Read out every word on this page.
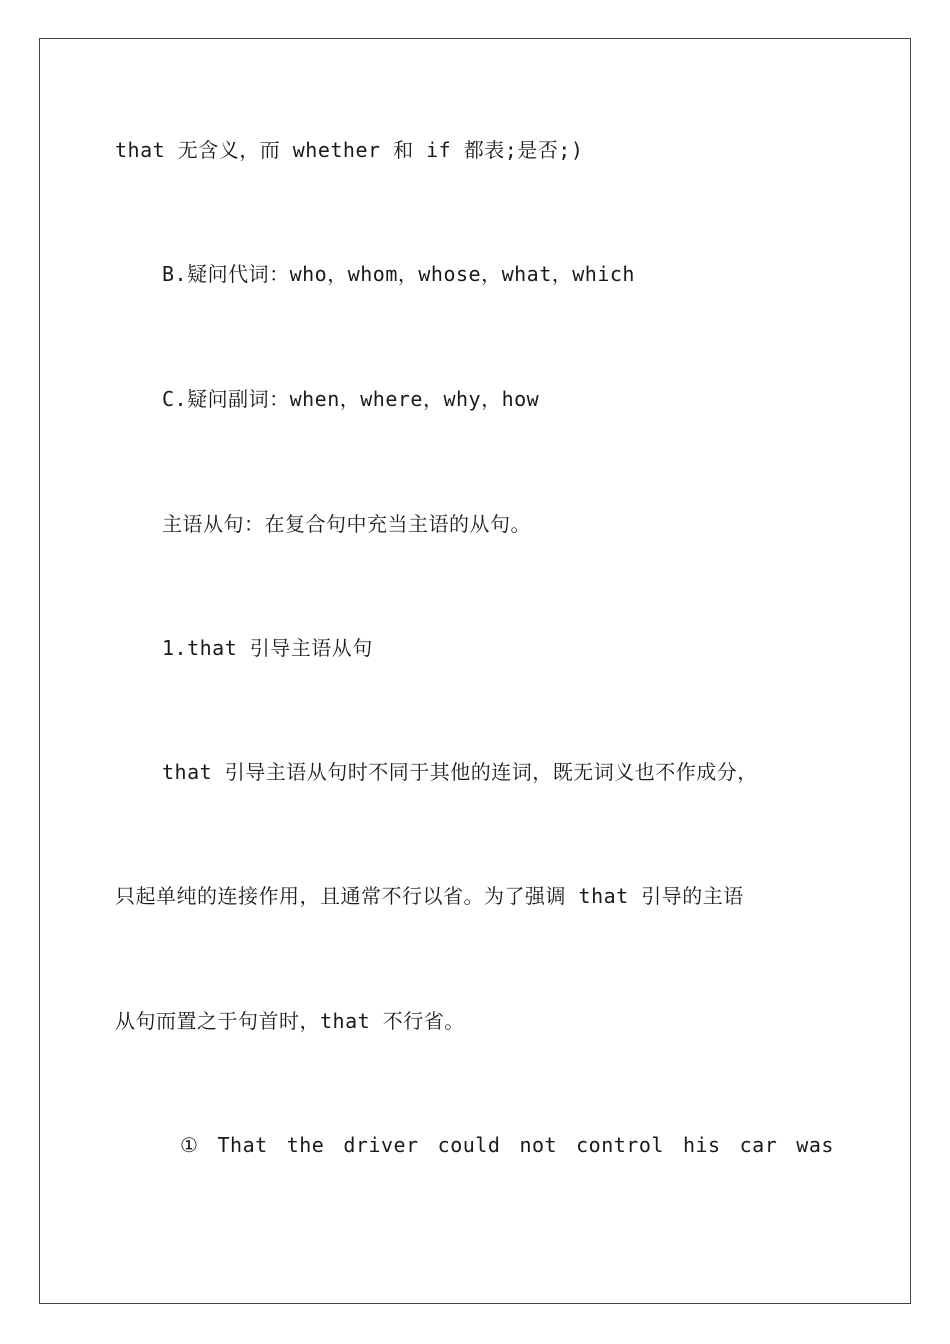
that 无含义，而 whether 和 if 都表;是否;)
B.疑问代词：who，whom，whose，what，which
C.疑问副词：when，where，why，how
主语从句：在复合句中充当主语的从句。
1.that 引导主语从句
that 引导主语从句时不同于其他的连词，既无词义也不作成分，
只起单纯的连接作用，且通常不行以省。为了强调 that 引导的主语
从句而置之于句首时，that 不行省。
① That the driver could not control his car was
